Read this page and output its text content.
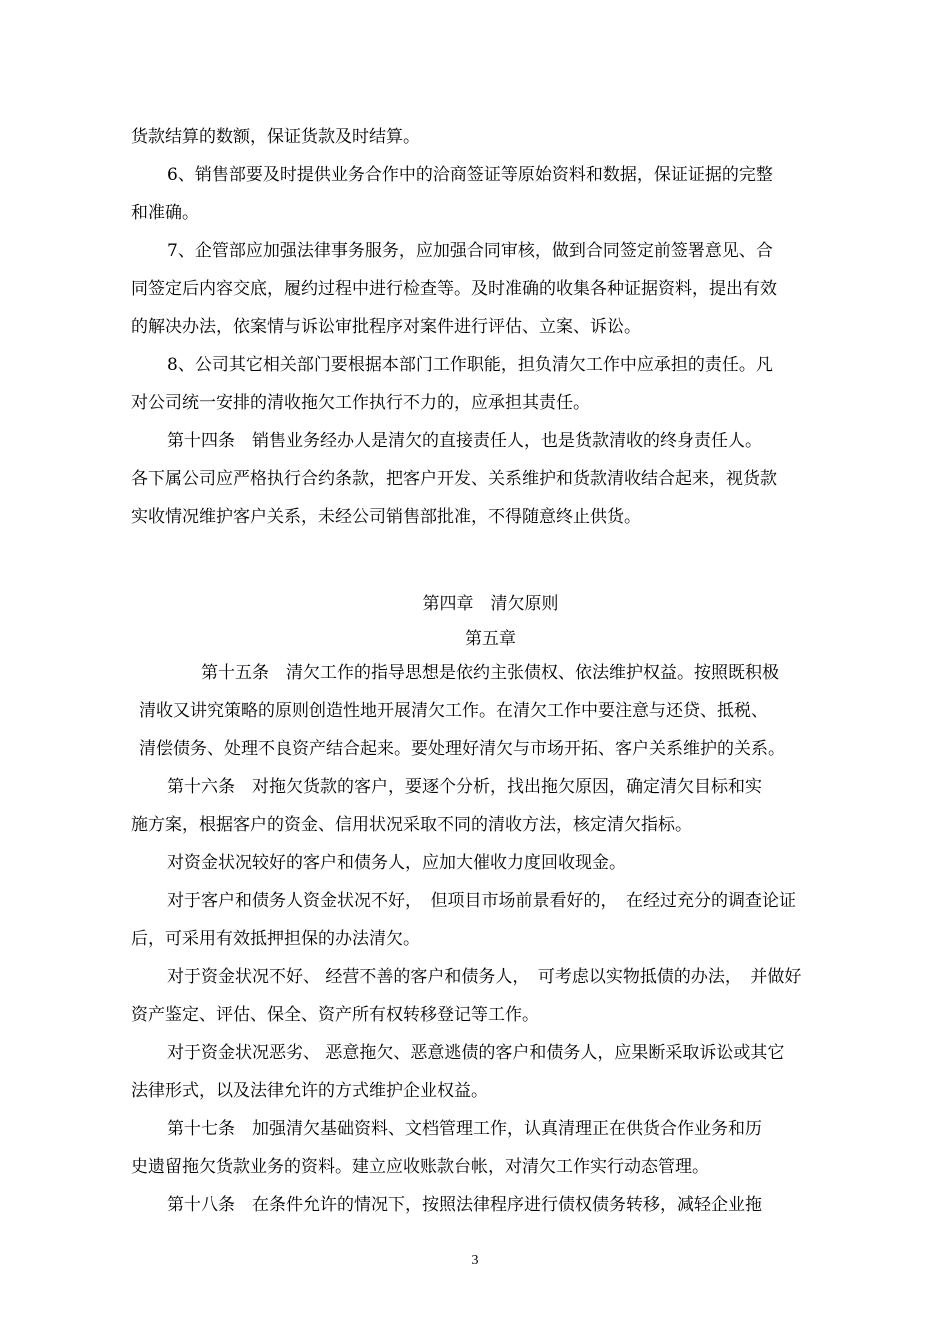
货款结算的数额，保证货款及时结算。
6、销售部要及时提供业务合作中的洽商签证等原始资料和数据，保证证据的完整
和准确。
7、企管部应加强法律事务服务，应加强合同审核，做到合同签定前签署意见、合
同签定后内容交底，履约过程中进行检查等。及时准确的收集各种证据资料，提出有效
的解决办法，依案情与诉讼审批程序对案件进行评估、立案、诉讼。
8、公司其它相关部门要根据本部门工作职能，担负清欠工作中应承担的责任。凡
对公司统一安排的清收拖欠工作执行不力的，应承担其责任。
第十四条　销售业务经办人是清欠的直接责任人，也是货款清收的终身责任人。
各下属公司应严格执行合约条款，把客户开发、关系维护和货款清收结合起来，视货款
实收情况维护客户关系，未经公司销售部批准，不得随意终止供货。
第四章　清欠原则
第五章
第十五条　清欠工作的指导思想是依约主张债权、依法维护权益。按照既积极
清收又讲究策略的原则创造性地开展清欠工作。在清欠工作中要注意与还贷、抵税、
清偿债务、处理不良资产结合起来。要处理好清欠与市场开拓、客户关系维护的关系。
第十六条　对拖欠货款的客户，要逐个分析，找出拖欠原因，确定清欠目标和实
施方案，根据客户的资金、信用状况采取不同的清收方法，核定清欠指标。
对资金状况较好的客户和债务人，应加大催收力度回收现金。
对于客户和债务人资金状况不好，　但项目市场前景看好的，　在经过充分的调查论证
后，可采用有效抵押担保的办法清欠。
对于资金状况不好、 经营不善的客户和债务人，　可考虑以实物抵债的办法，　并做好
资产鉴定、评估、保全、资产所有权转移登记等工作。
对于资金状况恶劣、 恶意拖欠、恶意逃债的客户和债务人，应果断采取诉讼或其它
法律形式，以及法律允许的方式维护企业权益。
第十七条　加强清欠基础资料、文档管理工作，认真清理正在供货合作业务和历
史遗留拖欠货款业务的资料。建立应收账款台帐，对清欠工作实行动态管理。
第十八条　在条件允许的情况下，按照法律程序进行债权债务转移，减轻企业拖
3
